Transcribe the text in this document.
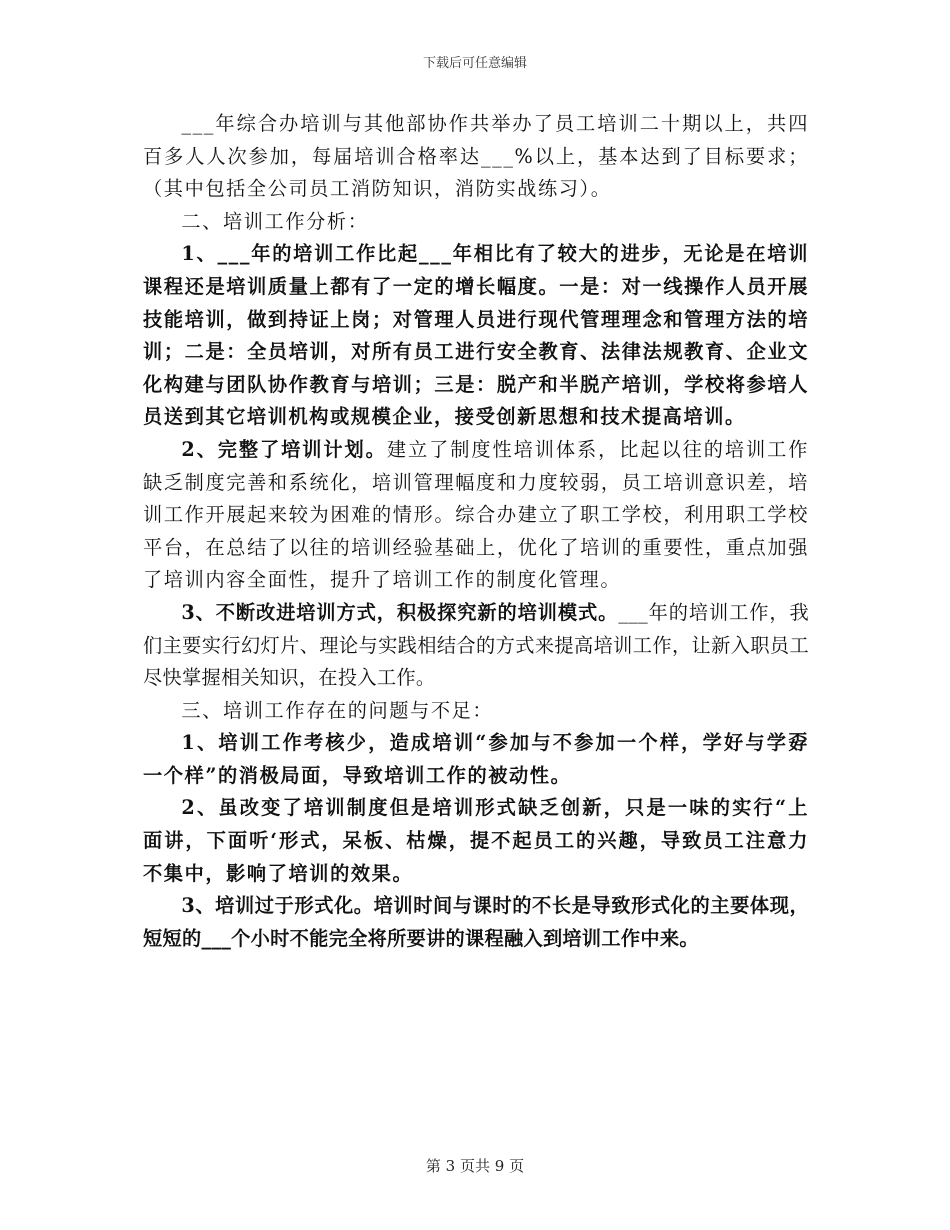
下载后可任意编辑

___年综合办培训与其他部协作共举办了员工培训二十期以上，共四百多人人次参加，每届培训合格率达___%以上，基本达到了目标要求；（其中包括全公司员工消防知识，消防实战练习）。

二、培训工作分析：

1、___年的培训工作比起___年相比有了较大的进步，无论是在培训课程还是培训质量上都有了一定的增长幅度。一是：对一线操作人员开展技能培训，做到持证上岗；对管理人员进行现代管理理念和管理方法的培训；二是：全员培训，对所有员工进行安全教育、法律法规教育、企业文化构建与团队协作教育与培训；三是：脱产和半脱产培训，学校将参培人员送到其它培训机构或规模企业，接受创新思想和技术提高培训。

2、完整了培训计划。建立了制度性培训体系，比起以往的培训工作缺乏制度完善和系统化，培训管理幅度和力度较弱，员工培训意识差，培训工作开展起来较为困难的情形。综合办建立了职工学校，利用职工学校平台，在总结了以往的培训经验基础上，优化了培训的重要性，重点加强了培训内容全面性，提升了培训工作的制度化管理。

3、不断改进培训方式，积极探究新的培训模式。___年的培训工作，我们主要实行幻灯片、理论与实践相结合的方式来提高培训工作，让新入职员工尽快掌握相关知识，在投入工作。

三、培训工作存在的问题与不足：

1、培训工作考核少，造成培训“参加与不参加一个样，学好与学孬一个样”的消极局面，导致培训工作的被动性。

2、虽改变了培训制度但是培训形式缺乏创新，只是一味的实行“上面讲，下面听‘形式，呆板、枯燥，提不起员工的兴趣，导致员工注意力不集中，影响了培训的效果。

3、培训过于形式化。培训时间与课时的不长是导致形式化的主要体现，短短的___个小时不能完全将所要讲的课程融入到培训工作中来。

第 3 页共 9 页
